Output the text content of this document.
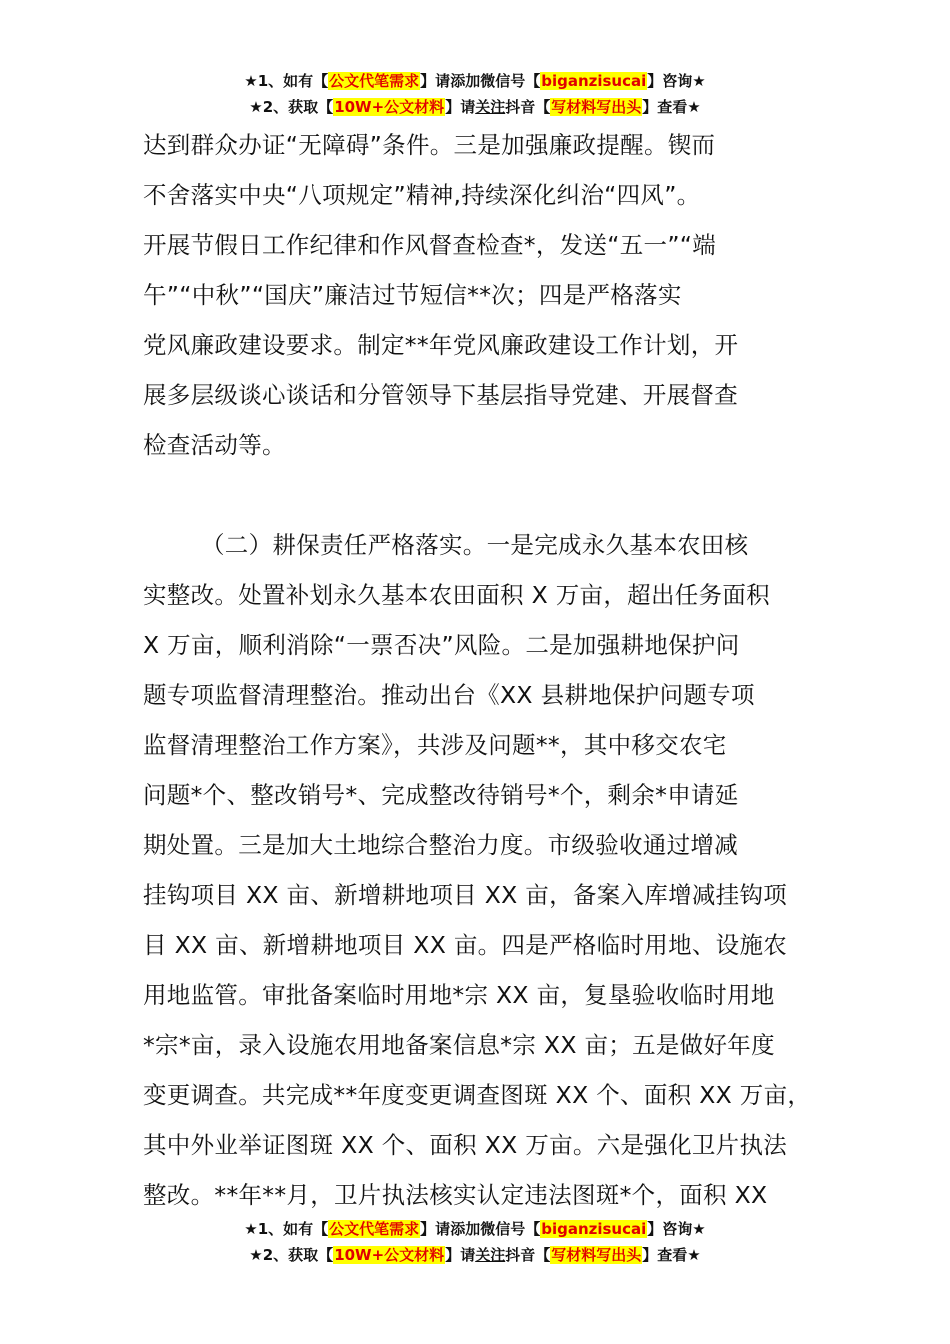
★1、如有【公文代笔需求】请添加微信号【biganzisucai】咨询★
★2、获取【10W+公文材料】请关注抖音【写材料写出头】查看★
达到群众办证“无障碍”条件。三是加强廉政提醒。锲而
不舍落实中央“八项规定”精神,持续深化纠治“四风”。
开展节假日工作纪律和作风督查检查*，发送“五一”“端
午”“中秋”“国庆”廉洁过节短信**次；四是严格落实
党风廉政建设要求。制定**年党风廉政建设工作计划，开
展多层级谈心谈话和分管领导下基层指导党建、开展督查
检查活动等。
（二）耕保责任严格落实。一是完成永久基本农田核
实整改。处置补划永久基本农田面积 X 万亩，超出任务面积
X 万亩，顺利消除“一票否决”风险。二是加强耕地保护问
题专项监督清理整治。推动出台《XX 县耕地保护问题专项
监督清理整治工作方案》，共涉及问题**，其中移交农宅
问题*个、整改销号*、完成整改待销号*个，剩余*申请延
期处置。三是加大土地综合整治力度。市级验收通过增减
挂钩项目 XX 亩、新增耕地项目 XX 亩，备案入库增减挂钩项
目 XX 亩、新增耕地项目 XX 亩。四是严格临时用地、设施农
用地监管。审批备案临时用地*宗 XX 亩，复垦验收临时用地
*宗*亩，录入设施农用地备案信息*宗 XX 亩；五是做好年度
变更调查。共完成**年度变更调查图斑 XX 个、面积 XX 万亩，
其中外业举证图斑 XX 个、面积 XX 万亩。六是强化卫片执法
整改。**年**月，卫片执法核实认定违法图斑*个，面积 XX
★1、如有【公文代笔需求】请添加微信号【biganzisucai】咨询★
★2、获取【10W+公文材料】请关注抖音【写材料写出头】查看★
